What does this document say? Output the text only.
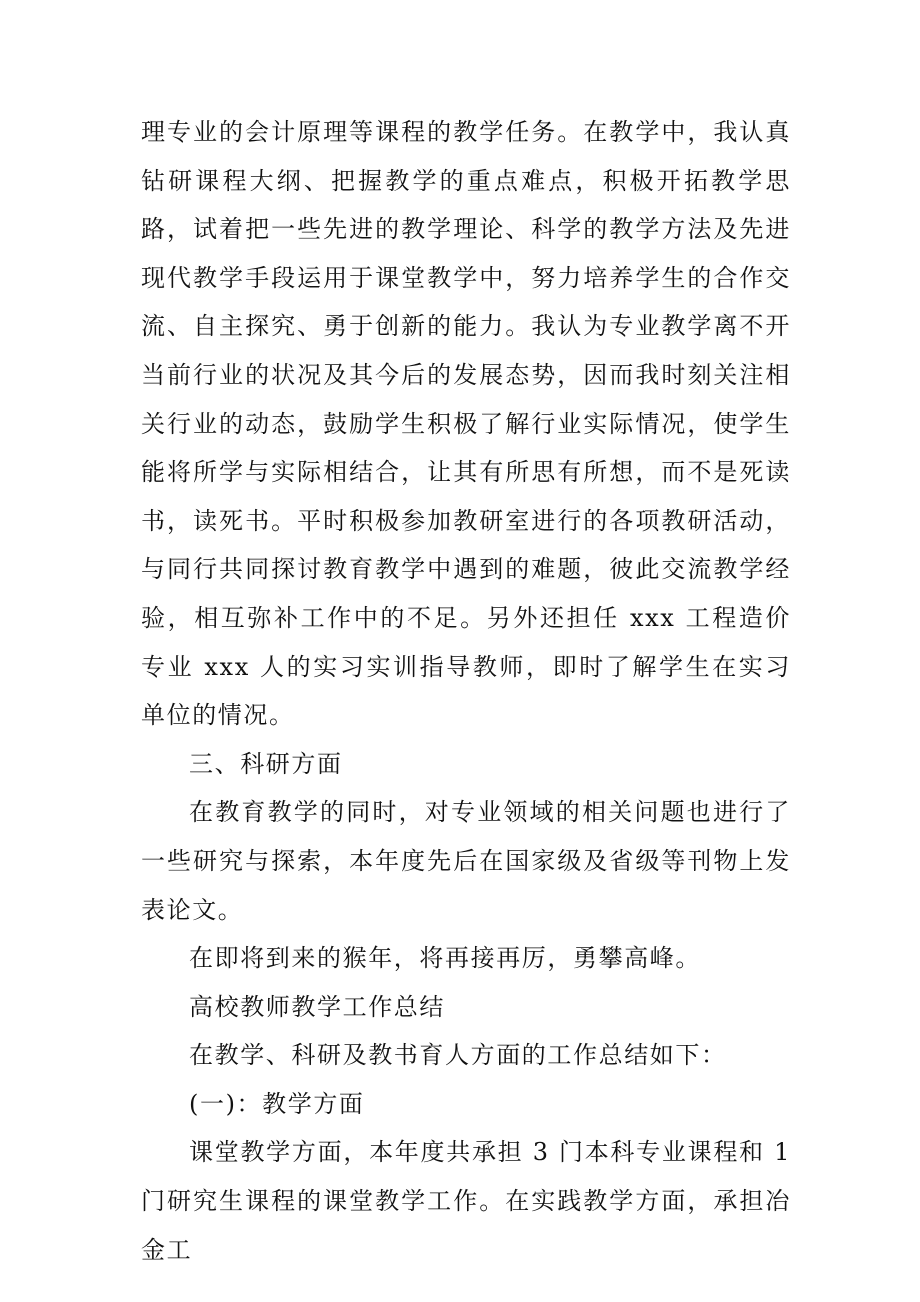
理专业的会计原理等课程的教学任务。在教学中，我认真钻研课程大纲、把握教学的重点难点，积极开拓教学思路，试着把一些先进的教学理论、科学的教学方法及先进现代教学手段运用于课堂教学中，努力培养学生的合作交流、自主探究、勇于创新的能力。我认为专业教学离不开当前行业的状况及其今后的发展态势，因而我时刻关注相关行业的动态，鼓励学生积极了解行业实际情况，使学生能将所学与实际相结合，让其有所思有所想，而不是死读书，读死书。平时积极参加教研室进行的各项教研活动，与同行共同探讨教育教学中遇到的难题，彼此交流教学经验，相互弥补工作中的不足。另外还担任 xxx 工程造价专业 xxx 人的实习实训指导教师，即时了解学生在实习单位的情况。

三、科研方面

在教育教学的同时，对专业领域的相关问题也进行了一些研究与探索，本年度先后在国家级及省级等刊物上发表论文。

在即将到来的猴年，将再接再厉，勇攀高峰。

高校教师教学工作总结

在教学、科研及教书育人方面的工作总结如下：

(一)：教学方面

课堂教学方面，本年度共承担 3 门本科专业课程和 1 门研究生课程的课堂教学工作。在实践教学方面，承担冶金工
